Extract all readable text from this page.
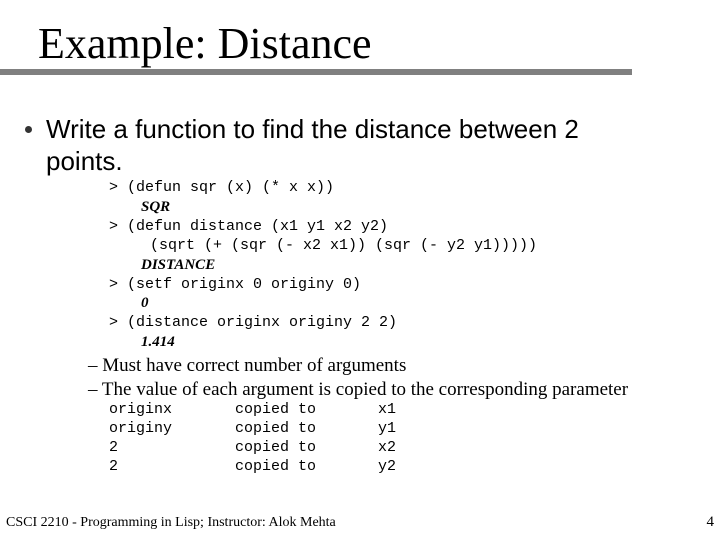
Example: Distance
Write a function to find the distance between 2 points.
> (defun sqr (x) (* x x))
SQR
> (defun distance (x1 y1 x2 y2)
(sqrt (+ (sqr (- x2 x1)) (sqr (- y2 y1)))))
DISTANCE
> (setf originx 0 originy 0)
0
> (distance originx originy 2 2)
1.414
– Must have correct number of arguments
– The value of each argument is copied to the corresponding parameter
originx	copied to	x1
originy	copied to	y1
2	copied to	x2
2	copied to	y2
CSCI 2210 - Programming in Lisp; Instructor: Alok Mehta	4
